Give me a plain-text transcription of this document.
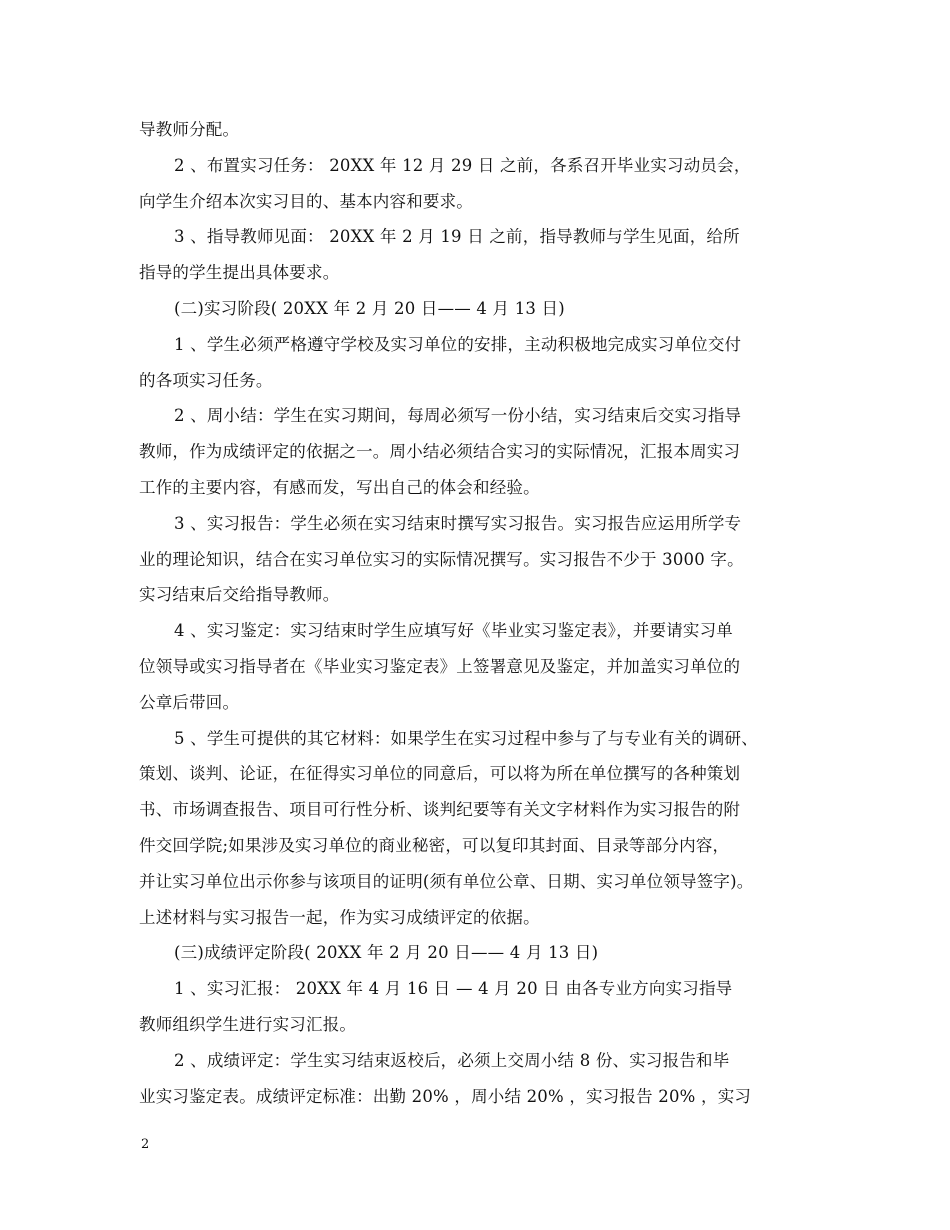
导教师分配。
2 、布置实习任务： 20XX 年 12 月 29 日 之前，各系召开毕业实习动员会，
向学生介绍本次实习目的、基本内容和要求。
3 、指导教师见面： 20XX 年 2 月 19 日 之前，指导教师与学生见面，给所
指导的学生提出具体要求。
(二)实习阶段( 20XX 年 2 月 20 日—— 4 月 13 日)
1 、学生必须严格遵守学校及实习单位的安排，主动积极地完成实习单位交付
的各项实习任务。
2 、周小结：学生在实习期间，每周必须写一份小结，实习结束后交实习指导
教师，作为成绩评定的依据之一。周小结必须结合实习的实际情况，汇报本周实习
工作的主要内容，有感而发，写出自己的体会和经验。
3 、实习报告：学生必须在实习结束时撰写实习报告。实习报告应运用所学专
业的理论知识，结合在实习单位实习的实际情况撰写。实习报告不少于 3000 字。
实习结束后交给指导教师。
4 、实习鉴定：实习结束时学生应填写好《毕业实习鉴定表》，并要请实习单
位领导或实习指导者在《毕业实习鉴定表》上签署意见及鉴定，并加盖实习单位的
公章后带回。
5 、学生可提供的其它材料：如果学生在实习过程中参与了与专业有关的调研、
策划、谈判、论证，在征得实习单位的同意后，可以将为所在单位撰写的各种策划
书、市场调查报告、项目可行性分析、谈判纪要等有关文字材料作为实习报告的附
件交回学院;如果涉及实习单位的商业秘密，可以复印其封面、目录等部分内容，
并让实习单位出示你参与该项目的证明(须有单位公章、日期、实习单位领导签字)。
上述材料与实习报告一起，作为实习成绩评定的依据。
(三)成绩评定阶段( 20XX 年 2 月 20 日—— 4 月 13 日)
1 、实习汇报： 20XX 年 4 月 16 日 — 4 月 20 日 由各专业方向实习指导
教师组织学生进行实习汇报。
2 、成绩评定：学生实习结束返校后，必须上交周小结 8 份、实习报告和毕
业实习鉴定表。成绩评定标准：出勤 20% ，周小结 20% ，实习报告 20% ，实习
2
